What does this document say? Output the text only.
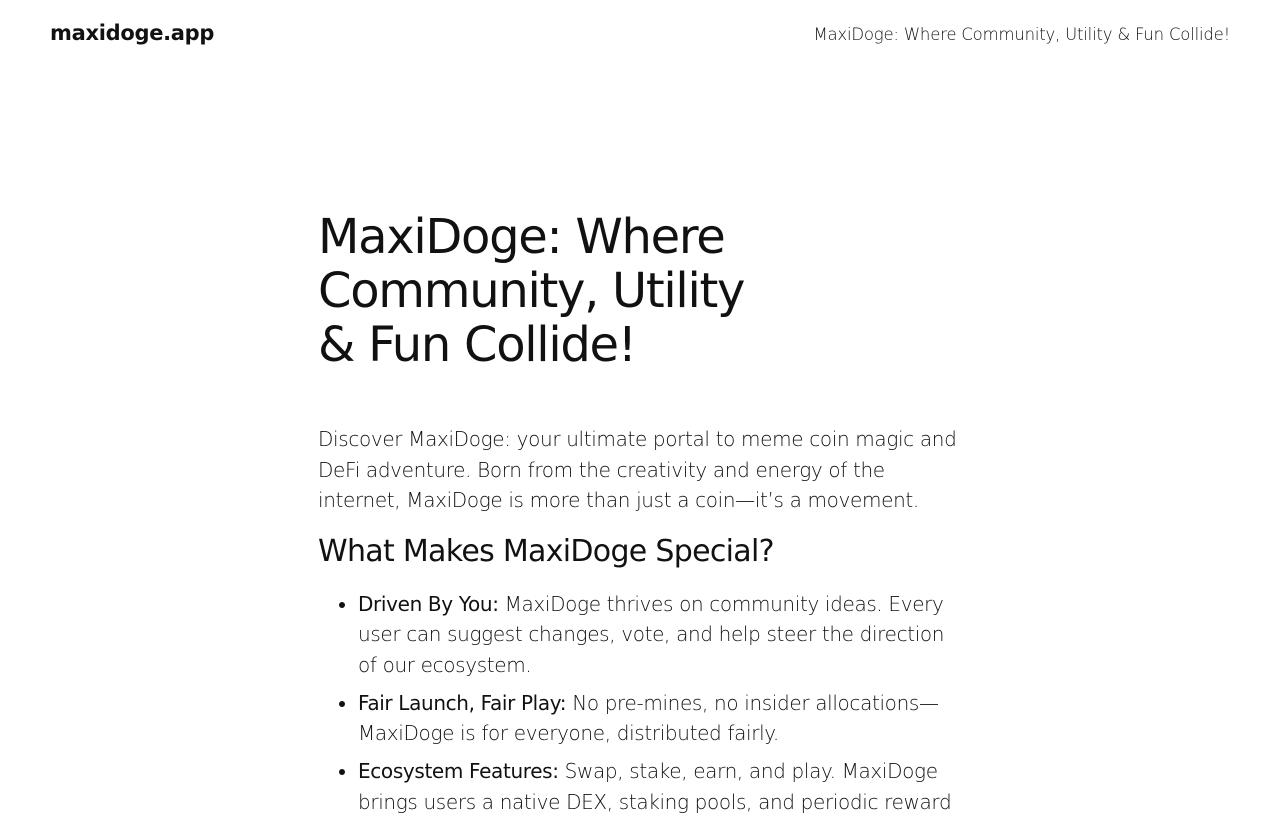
maxidoge.app	MaxiDoge: Where Community, Utility & Fun Collide!
MaxiDoge: Where Community, Utility & Fun Collide!

Discover MaxiDoge: your ultimate portal to meme coin magic and DeFi adventure. Born from the creativity and energy of the internet, MaxiDoge is more than just a coin—it’s a movement.

What Makes MaxiDoge Special?
• Driven By You: MaxiDoge thrives on community ideas. Every user can suggest changes, vote, and help steer the direction of our ecosystem.
• Fair Launch, Fair Play: No pre-mines, no insider allocations—MaxiDoge is for everyone, distributed fairly.
• Ecosystem Features: Swap, stake, earn, and play. MaxiDoge brings users a native DEX, staking pools, and periodic reward
